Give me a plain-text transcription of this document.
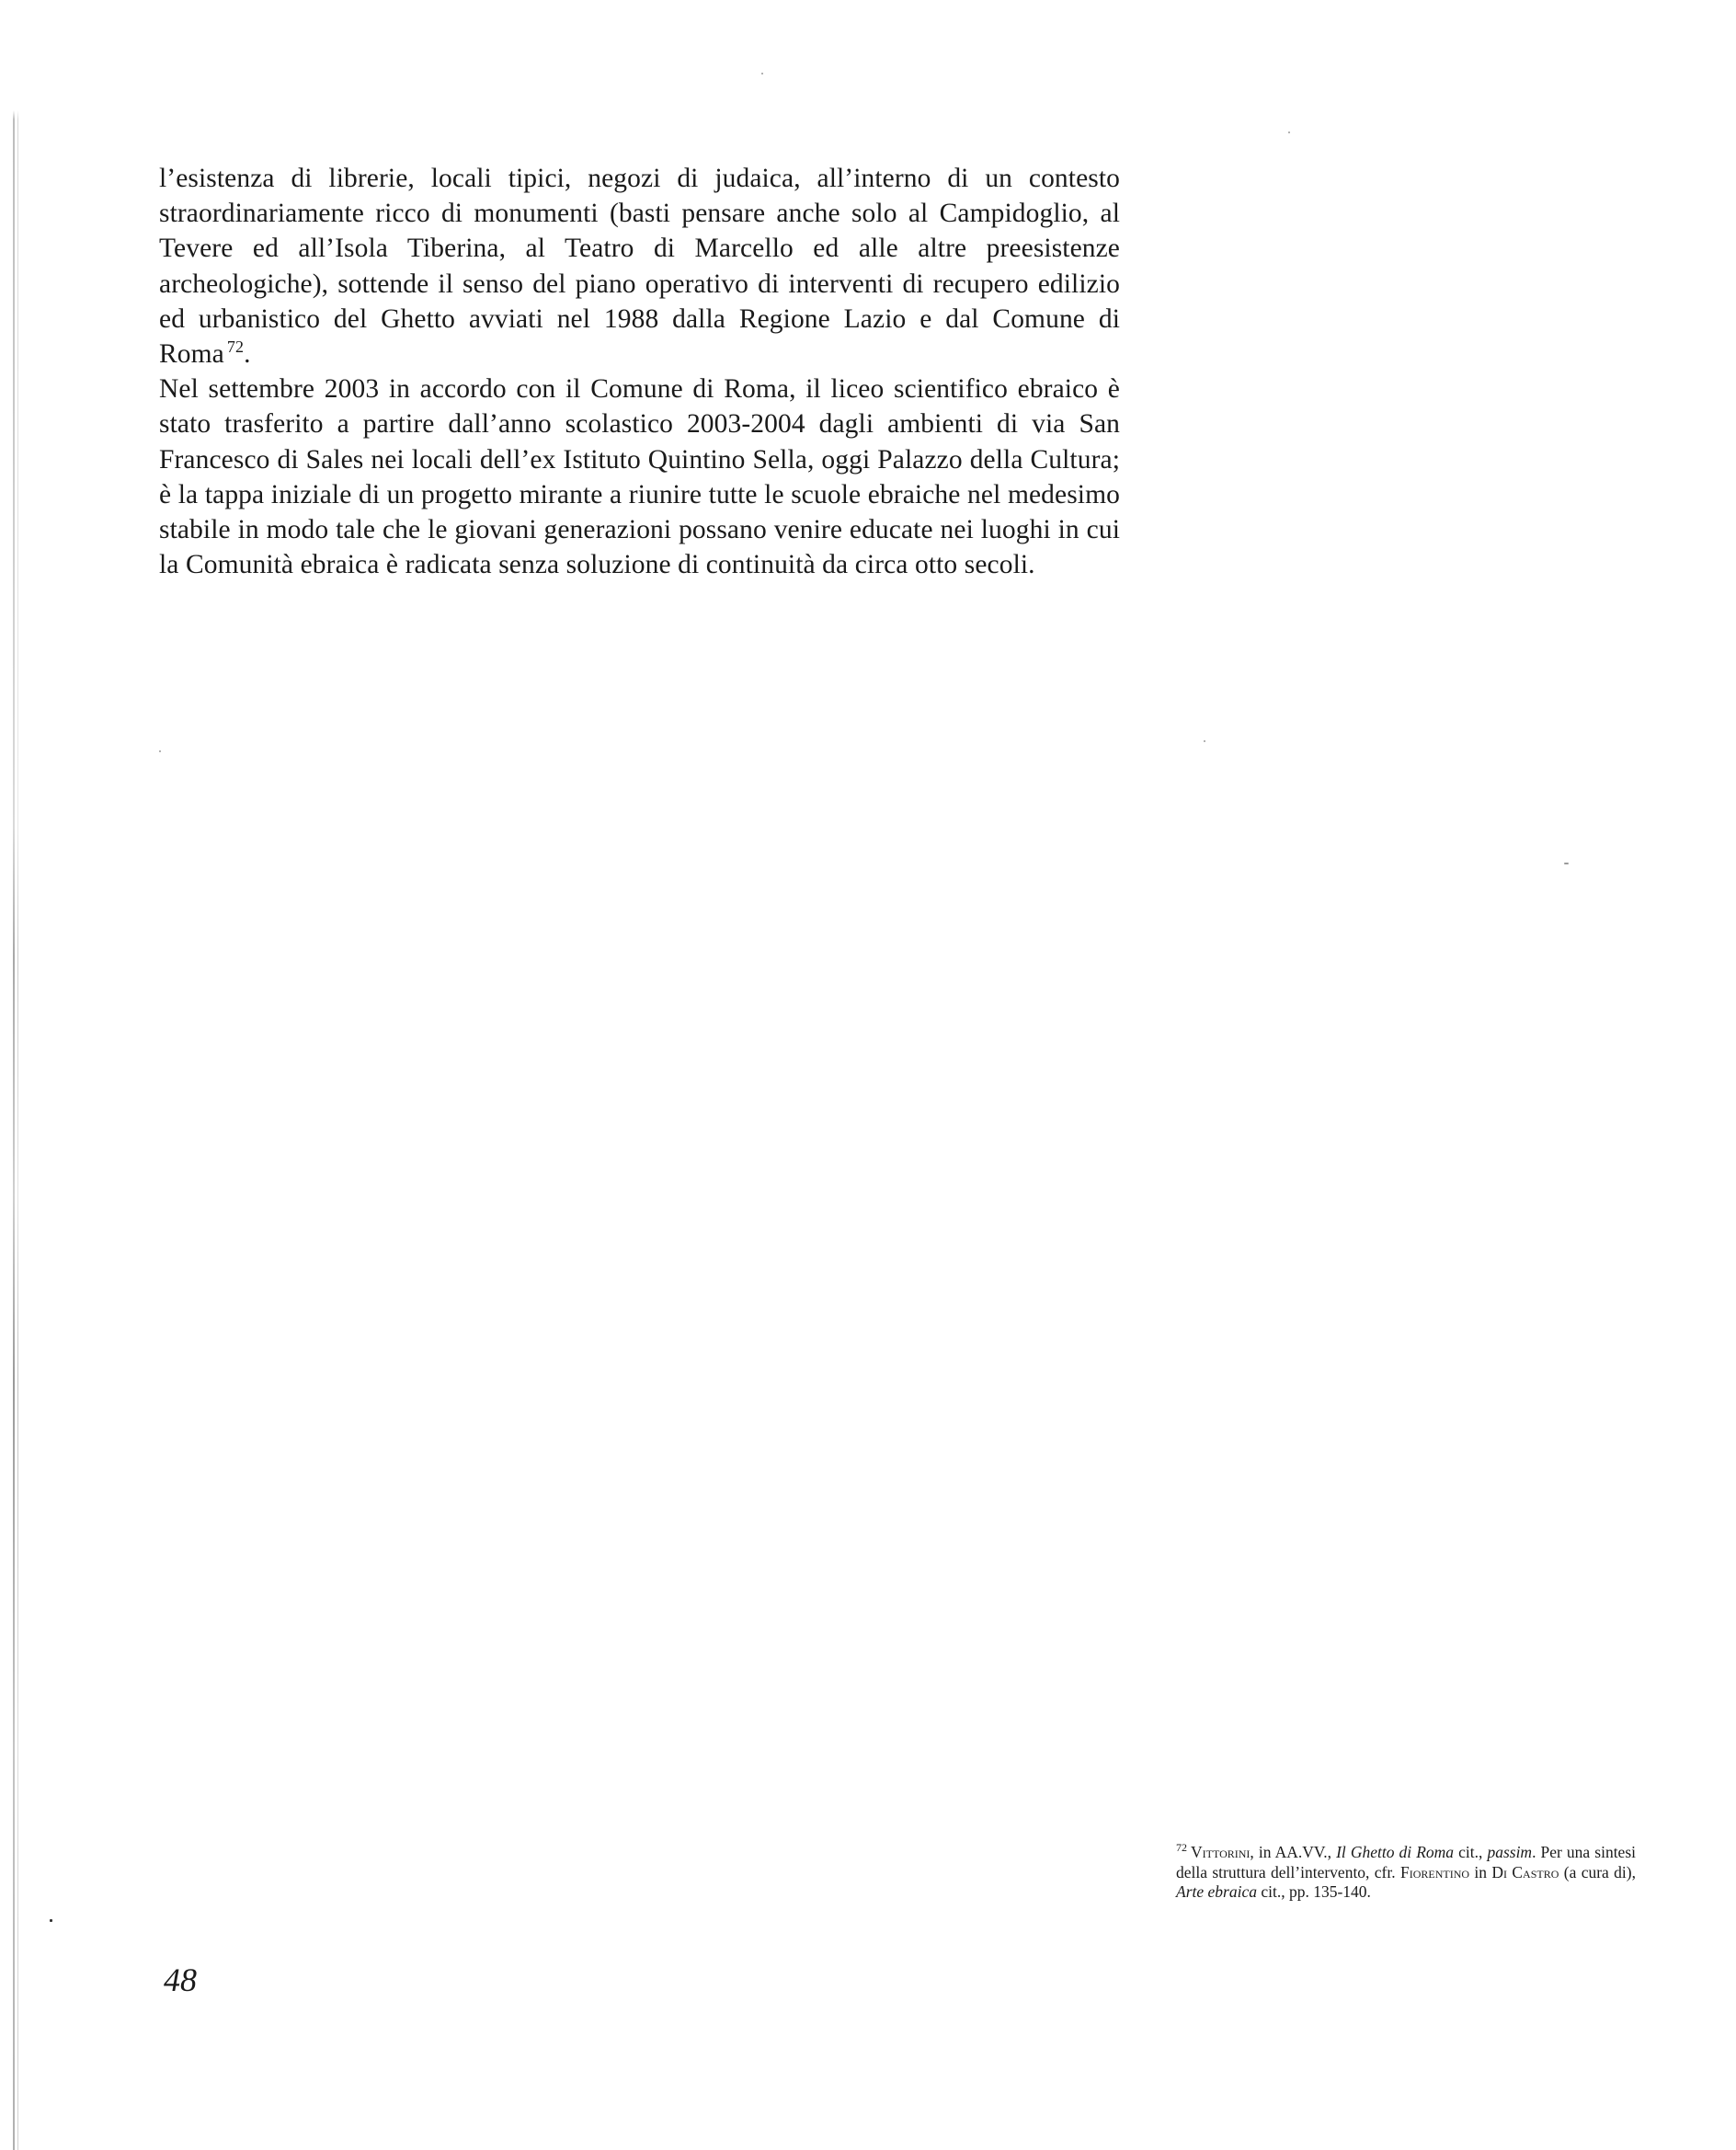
l’esistenza di librerie, locali tipici, negozi di judaica, all’interno di un contesto straordinariamente ricco di monumenti (basti pensare anche solo al Campidoglio, al Tevere ed all’Isola Tiberina, al Teatro di Marcello ed alle altre preesistenze archeologiche), sottende il senso del piano operativo di interventi di recupero edilizio ed urbanistico del Ghetto avviati nel 1988 dalla Regione Lazio e dal Comune di Roma $^{72}$.

Nel settembre 2003 in accordo con il Comune di Roma, il liceo scientifico ebraico è stato trasferito a partire dall’anno scolastico 2003-2004 dagli ambienti di via San Francesco di Sales nei locali dell’ex Istituto Quintino Sella, oggi Palazzo della Cultura; è la tappa iniziale di un progetto mirante a riunire tutte le scuole ebraiche nel medesimo stabile in modo tale che le giovani generazioni possano venire educate nei luoghi in cui la Comunità ebraica è radicata senza soluzione di continuità da circa otto secoli.

$^{72}$ Vittorini, in AA.VV., Il Ghetto di Roma cit., passim. Per una sintesi della struttura dell’intervento, cfr. Fiorentino in Di Castro (a cura di), Arte ebraica cit., pp. 135-140.
48
